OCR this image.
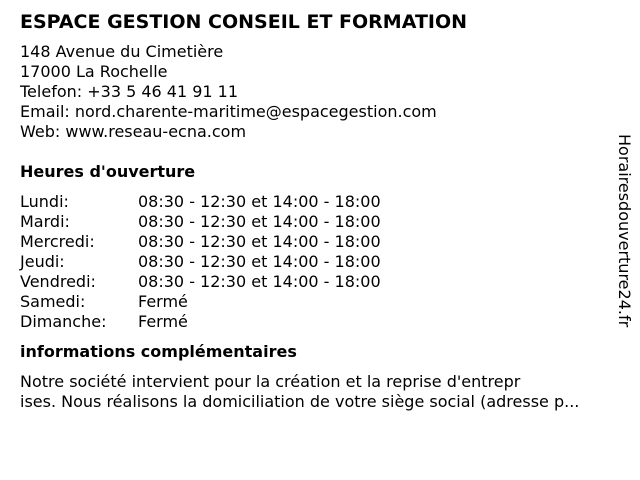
ESPACE GESTION CONSEIL ET FORMATION
148 Avenue du Cimetière
17000 La Rochelle
Telefon: +33 5 46 41 91 11
Email: nord.charente-maritime@espacegestion.com
Web: www.reseau-ecna.com
Heures d'ouverture
Lundi:	08:30 - 12:30 et 14:00 - 18:00
Mardi:	08:30 - 12:30 et 14:00 - 18:00
Mercredi:	08:30 - 12:30 et 14:00 - 18:00
Jeudi:	08:30 - 12:30 et 14:00 - 18:00
Vendredi:	08:30 - 12:30 et 14:00 - 18:00
Samedi:	Fermé
Dimanche:	Fermé
informations complémentaires
Notre société intervient pour la création et la reprise d'entrepr
ises. Nous réalisons la domiciliation de votre siège social (adresse p...
Horairesdouverture24.fr
